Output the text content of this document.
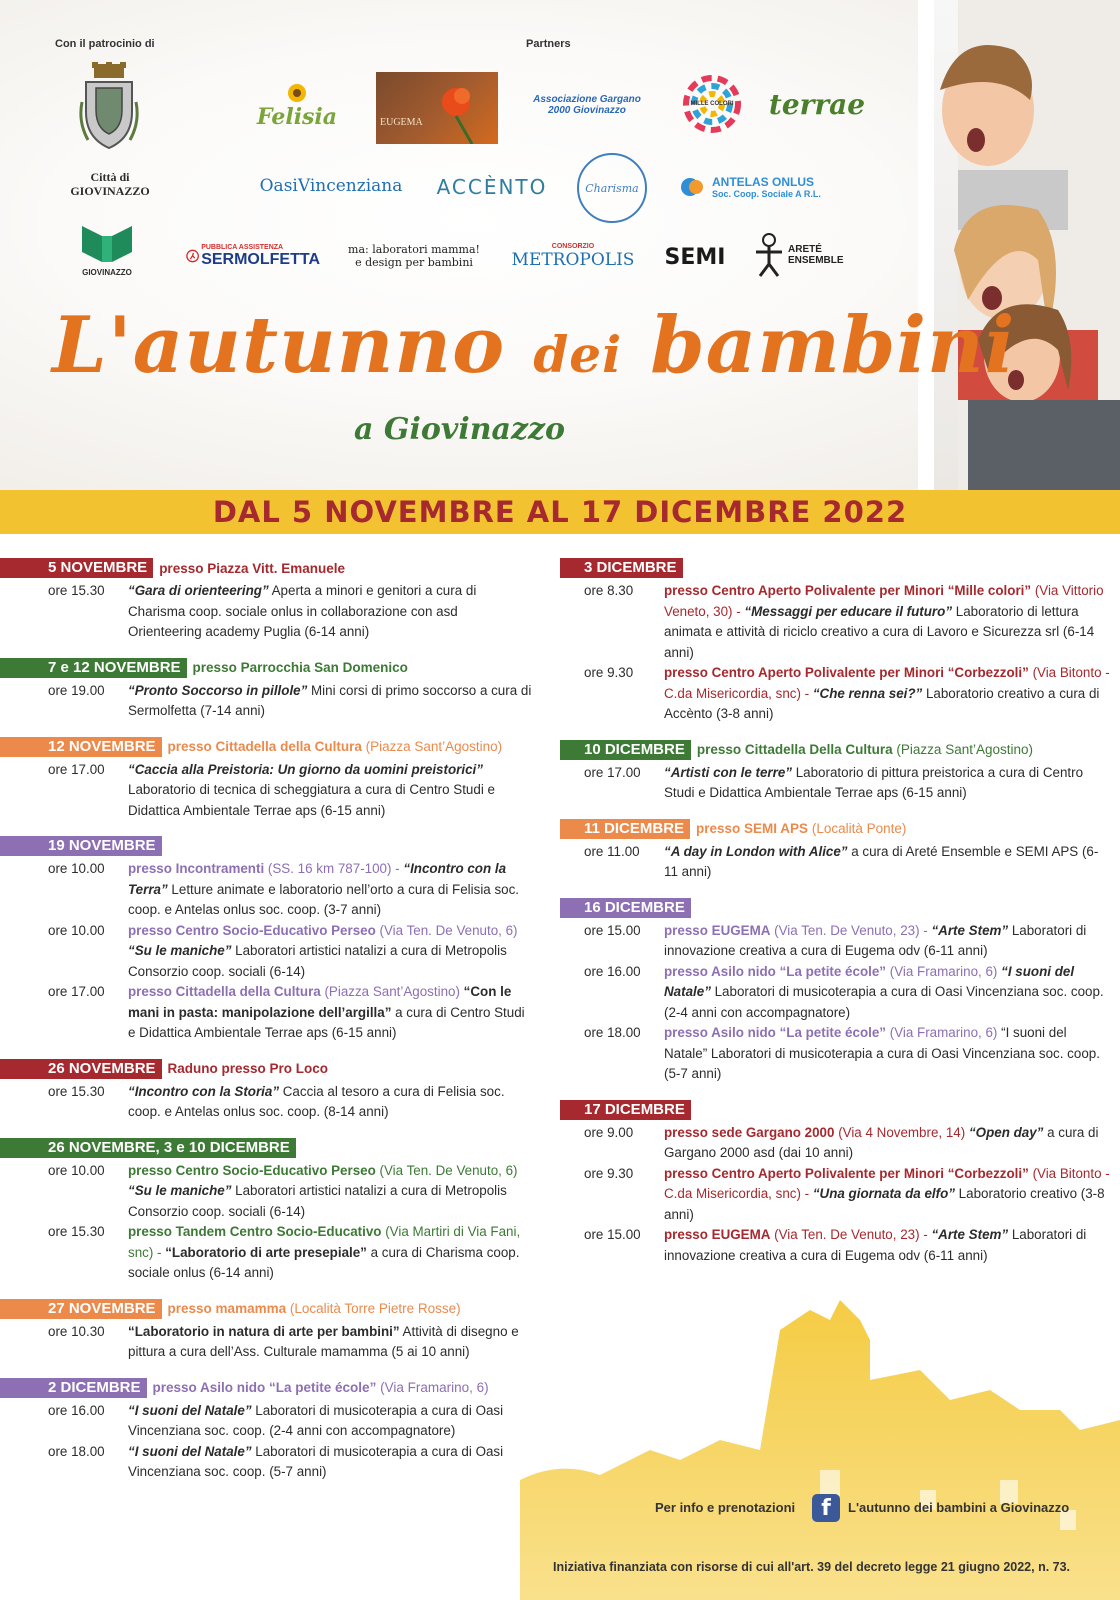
Con il patrocinio di	Partners
Città di
GIOVINAZZO
GIOVINAZZO
Felisia	EUGEMA
Associazione Gargano 2000 Giovinazzo
MILLE COLORI terrae
OasiVincenziana ACCÈNTO	Charisma	ANTELAS ONLUS
Soc. Coop. Sociale A R.L.
PUBBLICA ASSISTENZA
SERMOLFETTA
ma: laboratori mamma! e design per bambini
CONSORZIO
METROPOLIS SEMI	ARETÉ ENSEMBLE
L'autunno dei bambini
a Giovinazzo
DAL 5 NOVEMBRE AL 17 DICEMBRE 2022
5 NOVEMBRE presso Piazza Vitt. Emanuele
ore 15.30	“Gara di orienteering” Aperta a minori e genitori a cura di Charisma coop. sociale onlus in collaborazione con asd Orienteering academy Puglia (6-14 anni)
7 e 12 NOVEMBRE presso Parrocchia San Domenico
ore 19.00	“Pronto Soccorso in pillole” Mini corsi di primo soccorso a cura di Sermolfetta (7-14 anni)
12 NOVEMBRE presso Cittadella della Cultura (Piazza Sant’Agostino)
ore 17.00	“Caccia alla Preistoria: Un giorno da uomini preistorici” Laboratorio di tecnica di scheggiatura a cura di Centro Studi e Didattica Ambientale Terrae aps (6-15 anni)
19 NOVEMBRE
ore 10.00	presso Incontramenti (SS. 16 km 787-100) - “Incontro con la Terra” Letture animate e laboratorio nell’orto a cura di Felisia soc. coop. e Antelas onlus soc. coop. (3-7 anni)
ore 10.00	presso Centro Socio-Educativo Perseo (Via Ten. De Venuto, 6) “Su le maniche” Laboratori artistici natalizi a cura di Metropolis Consorzio coop. sociali (6-14)
ore 17.00	presso Cittadella della Cultura (Piazza Sant’Agostino) “Con le mani in pasta: manipolazione dell’argilla” a cura di Centro Studi e Didattica Ambientale Terrae aps (6-15 anni)
26 NOVEMBRE Raduno presso Pro Loco
ore 15.30	“Incontro con la Storia” Caccia al tesoro a cura di Felisia soc. coop. e Antelas onlus soc. coop. (8-14 anni)
26 NOVEMBRE, 3 e 10 DICEMBRE
ore 10.00	presso Centro Socio-Educativo Perseo (Via Ten. De Venuto, 6) “Su le maniche” Laboratori artistici natalizi a cura di Metropolis Consorzio coop. sociali (6-14)
ore 15.30	presso Tandem Centro Socio-Educativo (Via Martiri di Via Fani, snc) - “Laboratorio di arte presepiale” a cura di Charisma coop. sociale onlus (6-14 anni)
27 NOVEMBRE presso mamamma (Località Torre Pietre Rosse)
ore 10.30	“Laboratorio in natura di arte per bambini” Attività di disegno e pittura a cura dell’Ass. Culturale mamamma (5 ai 10 anni)
2 DICEMBRE presso Asilo nido “La petite école” (Via Framarino, 6)
ore 16.00	“I suoni del Natale” Laboratori di musicoterapia a cura di Oasi Vincenziana soc. coop. (2-4 anni con accompagnatore)
ore 18.00	“I suoni del Natale” Laboratori di musicoterapia a cura di Oasi Vincenziana soc. coop. (5-7 anni)
3 DICEMBRE
ore 8.30	presso Centro Aperto Polivalente per Minori “Mille colori” (Via Vittorio Veneto, 30) - “Messaggi per educare il futuro” Laboratorio di lettura animata e attività di riciclo creativo a cura di Lavoro e Sicurezza srl (6-14 anni)
ore 9.30	presso Centro Aperto Polivalente per Minori “Corbezzoli” (Via Bitonto - C.da Misericordia, snc) - “Che renna sei?” Laboratorio creativo a cura di Accènto (3-8 anni)
10 DICEMBRE presso Cittadella Della Cultura (Piazza Sant’Agostino)
ore 17.00	“Artisti con le terre” Laboratorio di pittura preistorica a cura di Centro Studi e Didattica Ambientale Terrae aps (6-15 anni)
11 DICEMBRE presso SEMI APS (Località Ponte)
ore 11.00	“A day in London with Alice” a cura di Areté Ensemble e SEMI APS (6-11 anni)
16 DICEMBRE
ore 15.00	presso EUGEMA (Via Ten. De Venuto, 23) - “Arte Stem” Laboratori di innovazione creativa a cura di Eugema odv (6-11 anni)
ore 16.00	presso Asilo nido “La petite école” (Via Framarino, 6) “I suoni del Natale” Laboratori di musicoterapia a cura di Oasi Vincenziana soc. coop. (2-4 anni con accompagnatore)
ore 18.00	presso Asilo nido “La petite école” (Via Framarino, 6) “I suoni del Natale” Laboratori di musicoterapia a cura di Oasi Vincenziana soc. coop. (5-7 anni)
17 DICEMBRE
ore 9.00	presso sede Gargano 2000 (Via 4 Novembre, 14) “Open day” a cura di Gargano 2000 asd (dai 10 anni)
ore 9.30	presso Centro Aperto Polivalente per Minori “Corbezzoli” (Via Bitonto - C.da Misericordia, snc) - “Una giornata da elfo” Laboratorio creativo (3-8 anni)
ore 15.00	presso EUGEMA (Via Ten. De Venuto, 23) - “Arte Stem” Laboratori di innovazione creativa a cura di Eugema odv (6-11 anni)
Per info e prenotazioni	f	L'autunno dei bambini a Giovinazzo
Iniziativa finanziata con risorse di cui all'art. 39 del decreto legge 21 giugno 2022, n. 73.
